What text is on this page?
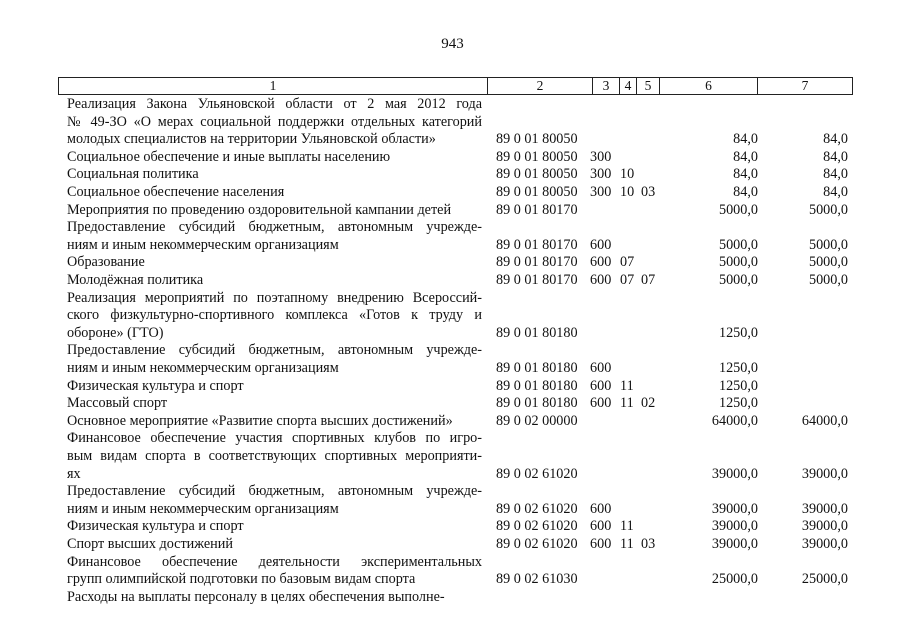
943
1	2	3	4 5	6	7
Реализация Закона Ульяновской области от 2 мая 2012 года
№ 49-ЗО «О мерах социальной поддержки отдельных категорий
молодых специалистов на территории Ульяновской области»	89 0 01 80050	84,0	84,0
Социальное обеспечение и иные выплаты населению	89 0 01 80050 300	84,0	84,0
Социальная политика	89 0 01 80050 300 10	84,0	84,0
Социальное обеспечение населения	89 0 01 80050 300 10 03	84,0	84,0
Мероприятия по проведению оздоровительной кампании детей	89 0 01 80170	5000,0	5000,0
Предоставление субсидий бюджетным, автономным учрежде-
ниям и иным некоммерческим организациям	89 0 01 80170 600	5000,0	5000,0
Образование	89 0 01 80170 600 07	5000,0	5000,0
Молодёжная политика	89 0 01 80170 600 07 07	5000,0	5000,0
Реализация мероприятий по поэтапному внедрению Всероссий-
ского физкультурно-спортивного комплекса «Готов к труду и
обороне» (ГТО)	89 0 01 80180	1250,0
Предоставление субсидий бюджетным, автономным учрежде-
ниям и иным некоммерческим организациям	89 0 01 80180 600	1250,0
Физическая культура и спорт	89 0 01 80180 600 11	1250,0
Массовый спорт	89 0 01 80180 600 11 02	1250,0
Основное мероприятие «Развитие спорта высших достижений»	89 0 02 00000	64000,0	64000,0
Финансовое обеспечение участия спортивных клубов по игро-
вым видам спорта в соответствующих спортивных мероприяти-
ях	89 0 02 61020	39000,0	39000,0
Предоставление субсидий бюджетным, автономным учрежде-
ниям и иным некоммерческим организациям	89 0 02 61020 600	39000,0	39000,0
Физическая культура и спорт	89 0 02 61020 600 11	39000,0	39000,0
Спорт высших достижений	89 0 02 61020 600 11 03	39000,0	39000,0
Финансовое обеспечение деятельности экспериментальных
групп олимпийской подготовки по базовым видам спорта	89 0 02 61030	25000,0	25000,0
Расходы на выплаты персоналу в целях обеспечения выполне-
